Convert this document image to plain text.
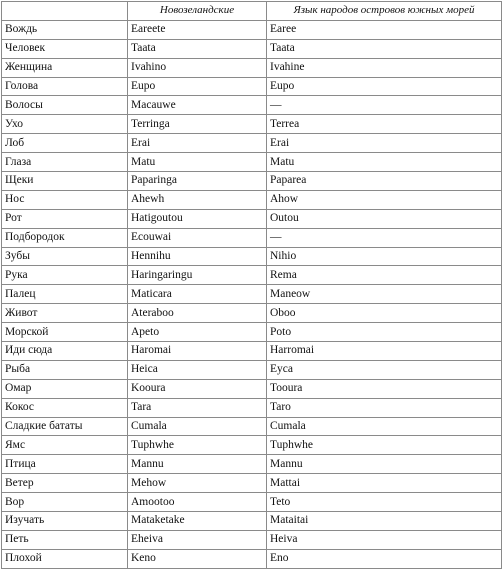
	Новозеландские	Язык народов островов южных морей
Вождь	Eareete	Earee
Человек	Taata	Taata
Женщина	Ivahino	Ivahine
Голова	Eupo	Eupo
Волосы	Macauwe	—
Ухо	Terringa	Terrea
Лоб	Erai	Erai
Глаза	Matu	Matu
Щеки	Paparinga	Paparea
Нос	Ahewh	Ahow
Рот	Hatigoutou	Outou
Подбородок	Ecouwai	—
Зубы	Hennihu	Nihio
Рука	Haringaringu	Rema
Палец	Maticara	Maneow
Живот	Ateraboo	Oboo
Морской	Apeto	Poto
Иди сюда	Haromai	Harromai
Рыба	Heica	Eyca
Омар	Kooura	Tooura
Кокос	Tara	Taro
Сладкие бататы	Cumala	Cumala
Ямс	Tuphwhe	Tuphwhe
Птица	Mannu	Mannu
Ветер	Mehow	Mattai
Вор	Amootoo	Teto
Изучать	Mataketake	Mataitai
Петь	Eheiva	Heiva
Плохой	Keno	Eno
